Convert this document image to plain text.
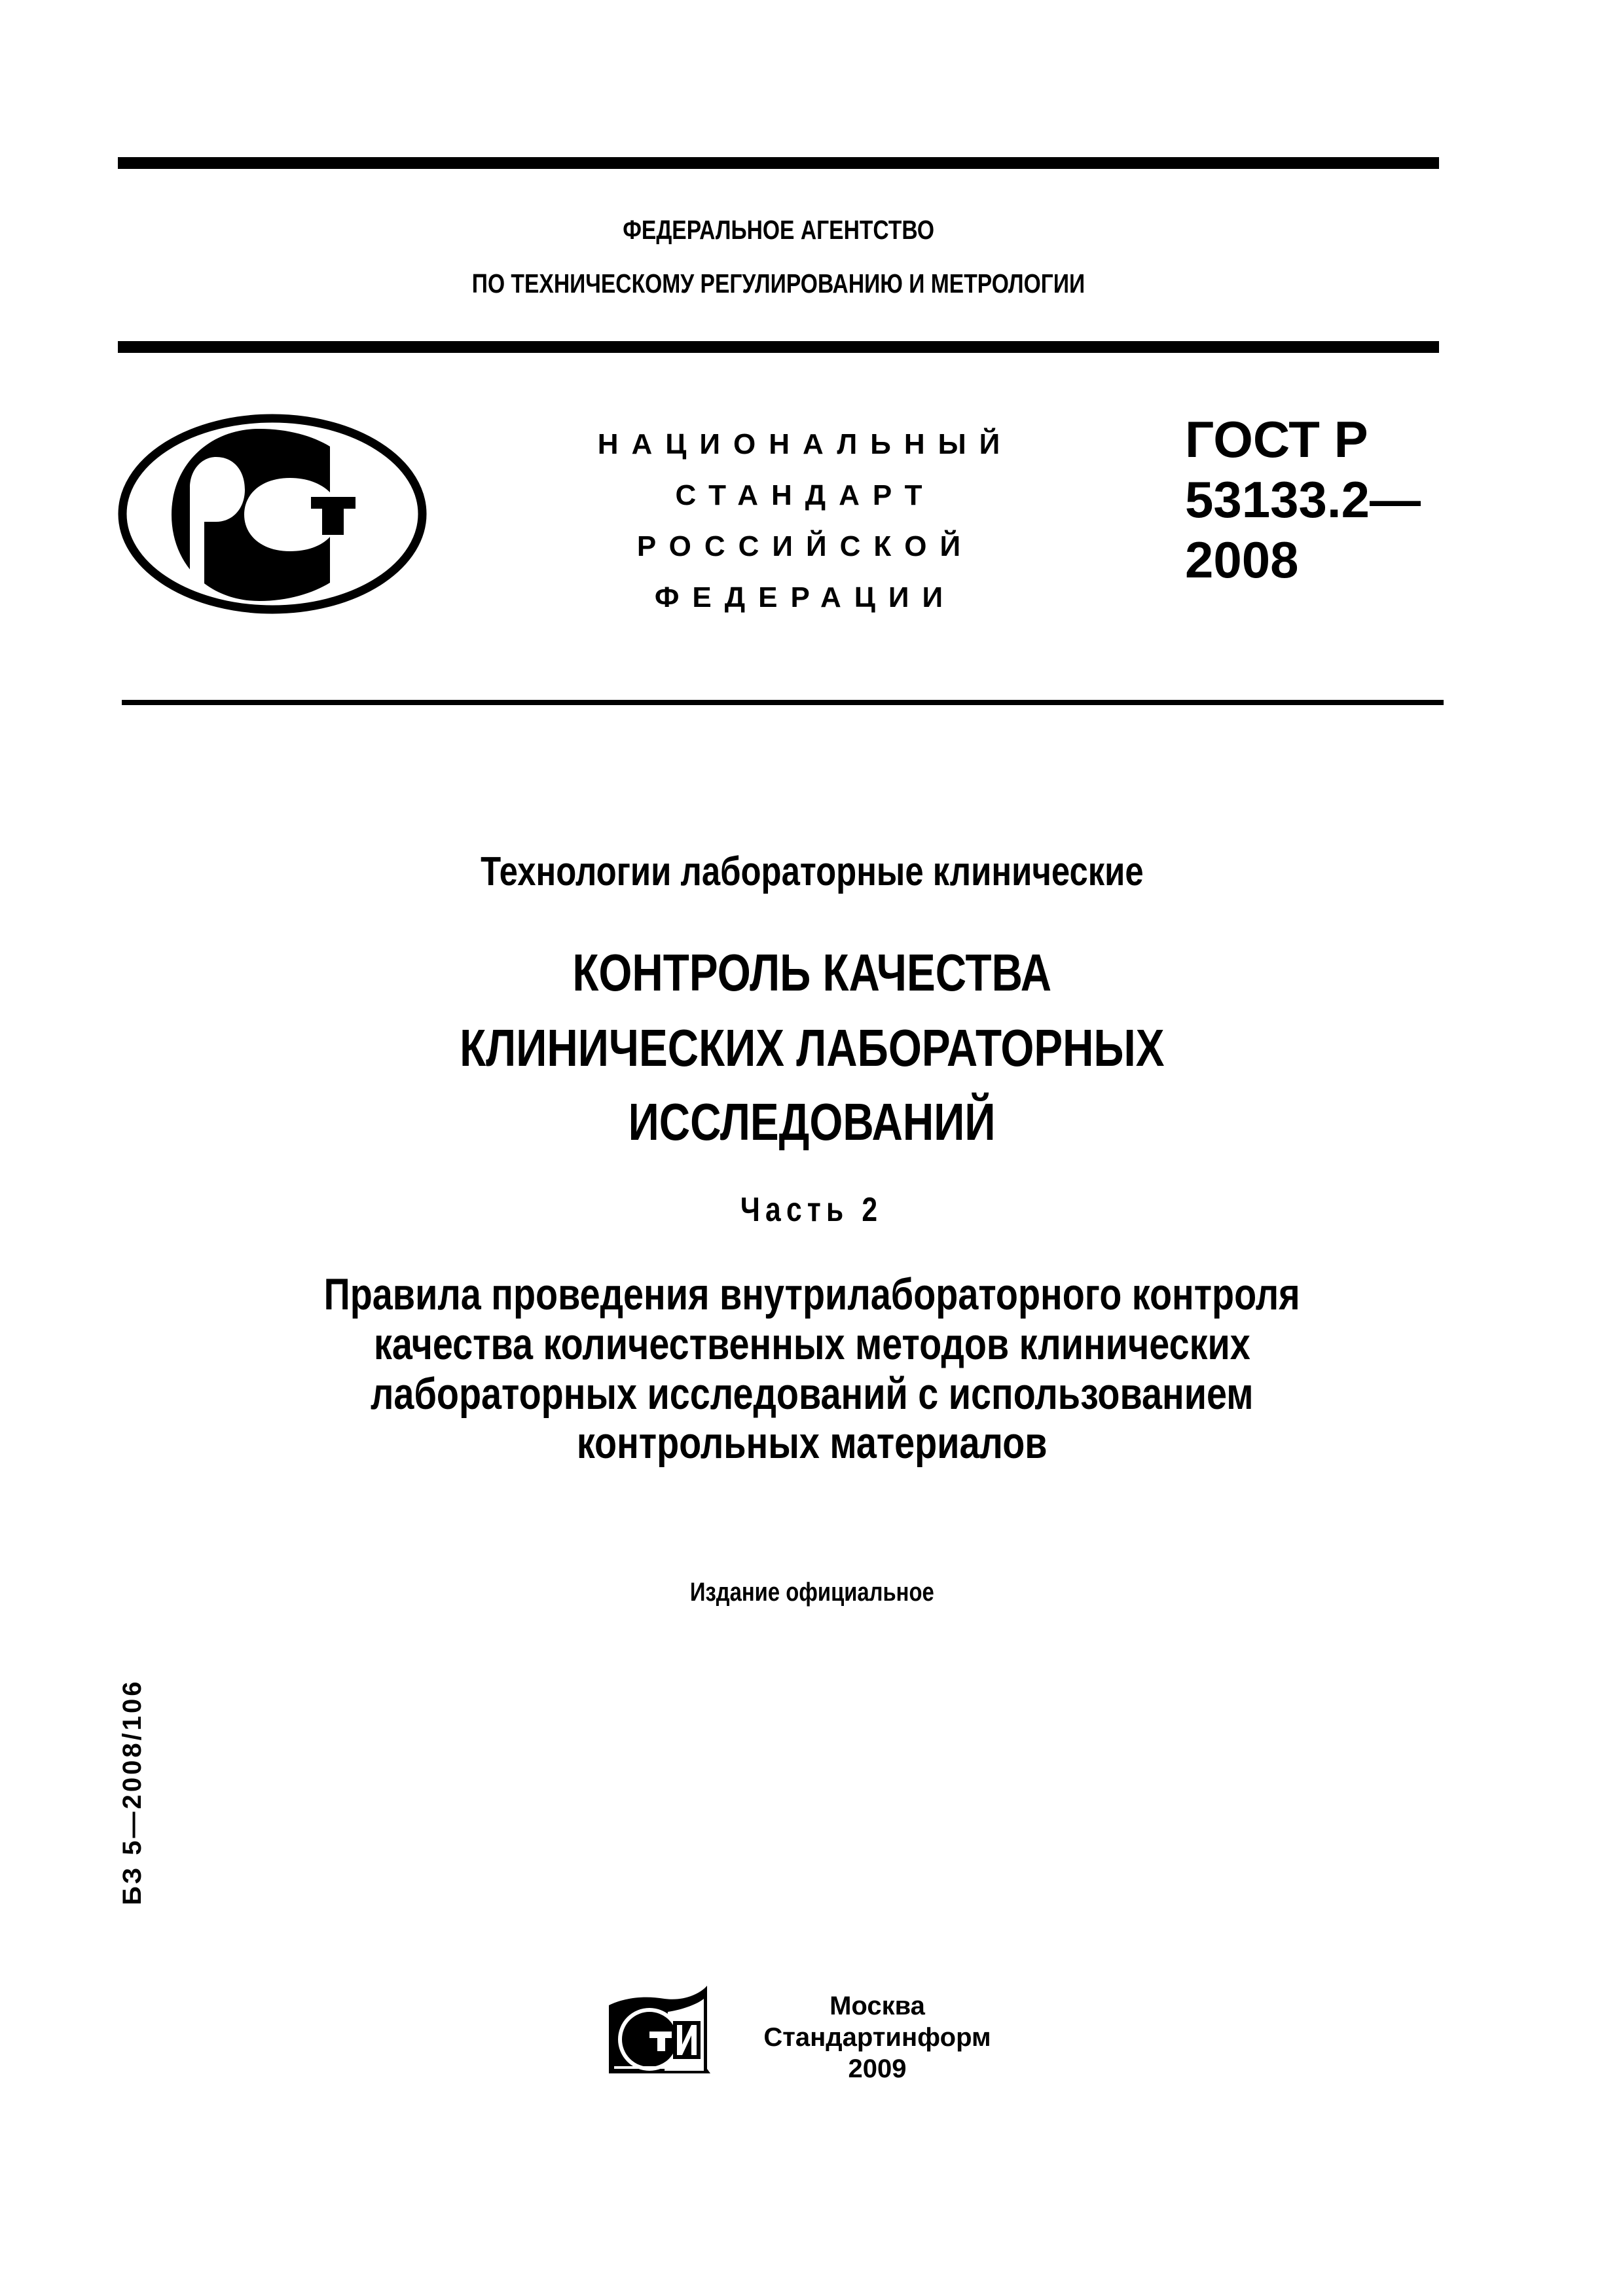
ФЕДЕРАЛЬНОЕ АГЕНТСТВО
ПО ТЕХНИЧЕСКОМУ РЕГУЛИРОВАНИЮ И МЕТРОЛОГИИ
НАЦИОНАЛЬНЫЙ
СТАНДАРТ
РОССИЙСКОЙ
ФЕДЕРАЦИИ
ГОСТ Р
53133.2—
2008
Технологии лабораторные клинические
КОНТРОЛЬ КАЧЕСТВА
КЛИНИЧЕСКИХ ЛАБОРАТОРНЫХ
ИССЛЕДОВАНИЙ
Часть 2
Правила проведения внутрилабораторного контроля
качества количественных методов клинических
лабораторных исследований с использованием
контрольных материалов
Издание официальное
БЗ 5—2008/106
Москва
Стандартинформ
2009
